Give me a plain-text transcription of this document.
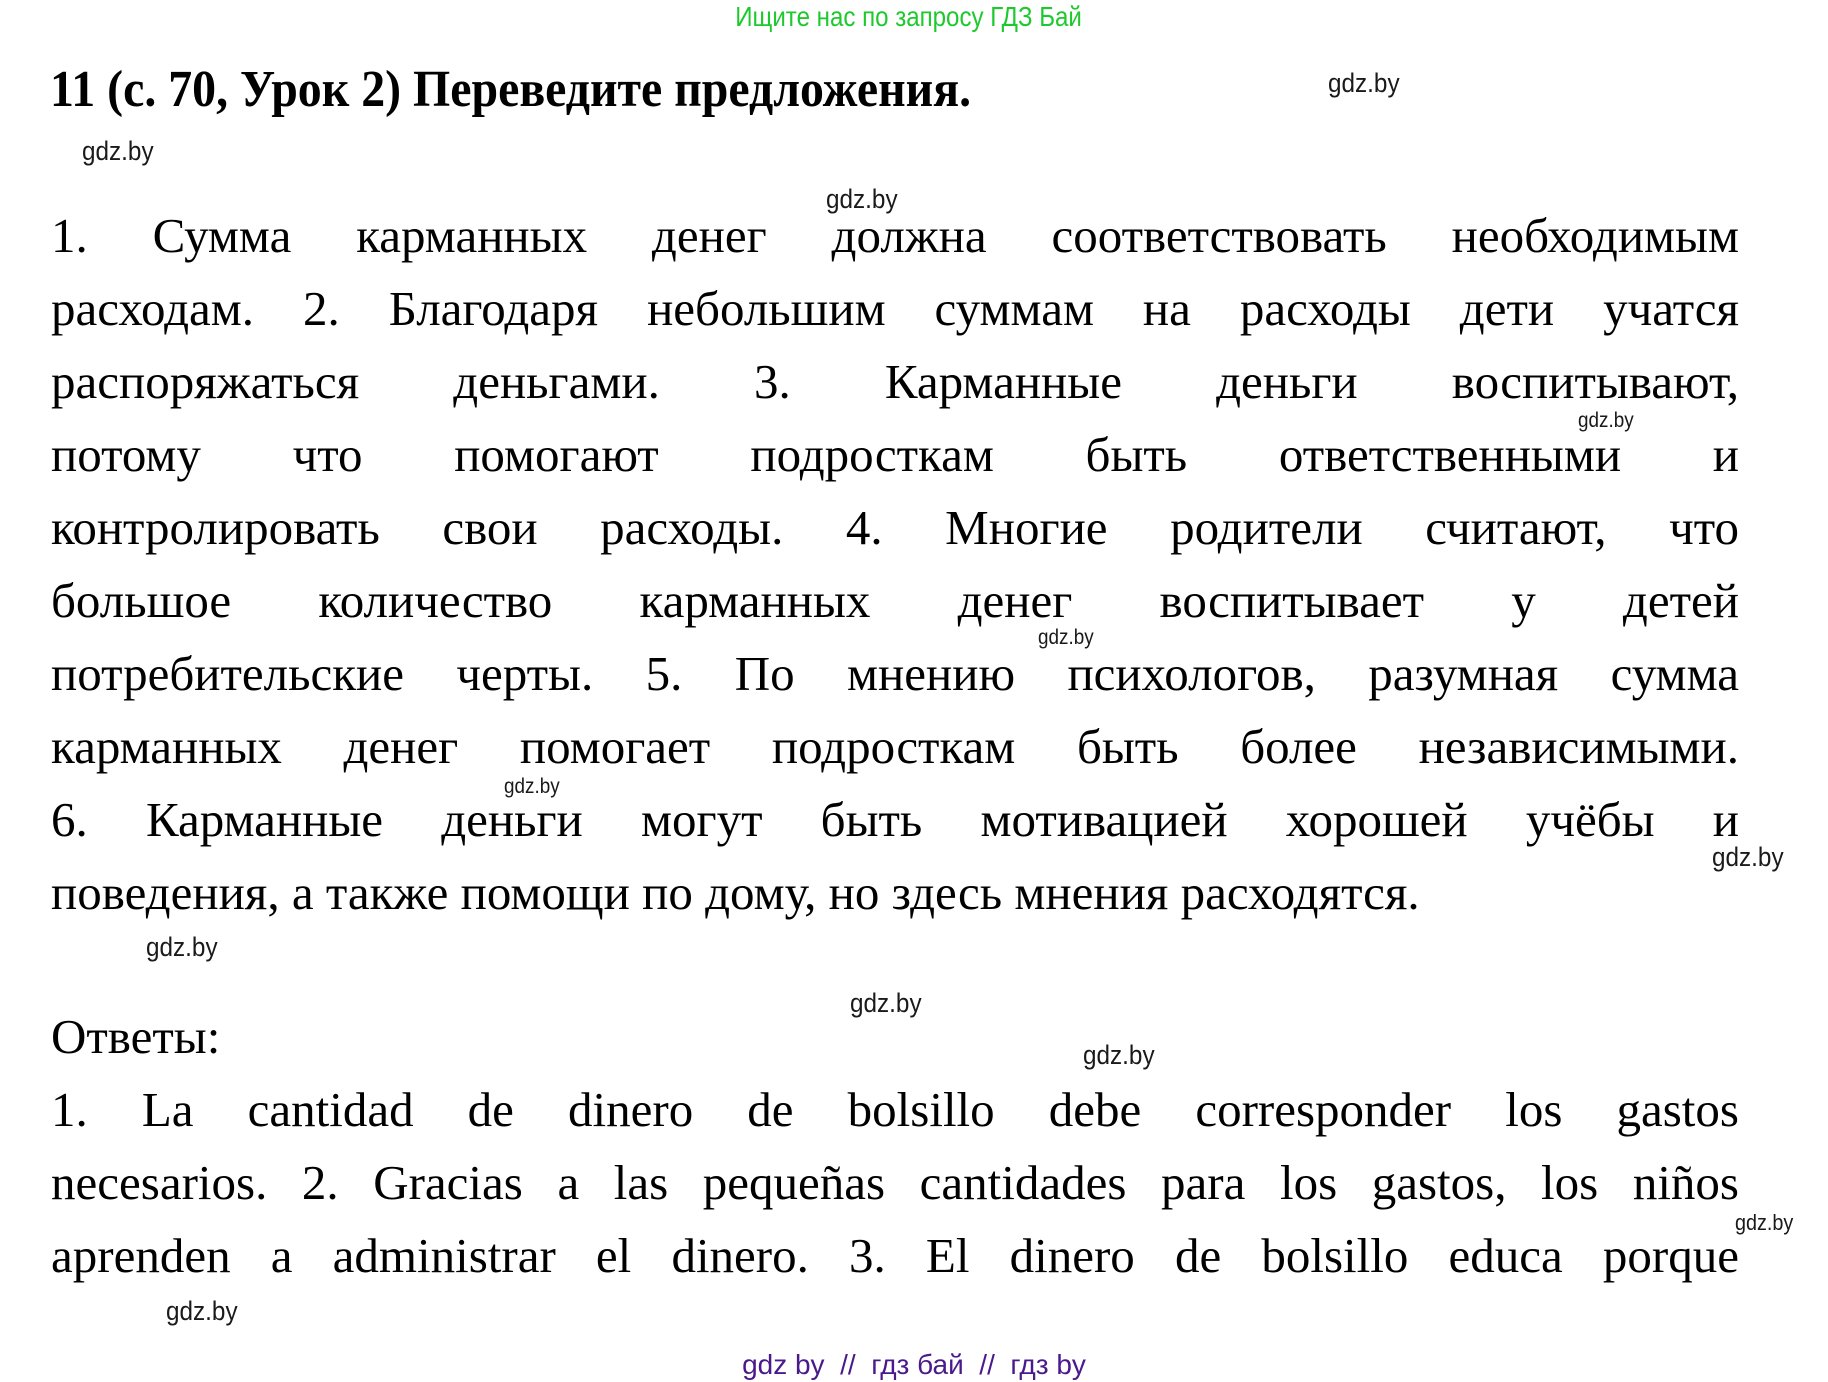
Ищите нас по запросу ГДЗ Бай
11 (с. 70, Урок 2) Переведите предложения.
1. Сумма карманных денег должна соответствовать необходимым
расходам. 2. Благодаря небольшим суммам на расходы дети учатся
распоряжаться деньгами. 3. Карманные деньги воспитывают,
потому что помогают подросткам быть ответственными и
контролировать свои расходы. 4. Многие родители считают, что
большое количество карманных денег воспитывает у детей
потребительские черты. 5. По мнению психологов, разумная сумма
карманных денег помогает подросткам быть более независимыми.
6. Карманные деньги могут быть мотивацией хорошей учёбы и
поведения, а также помощи по дому, но здесь мнения расходятся.
Ответы:
1. La cantidad de dinero de bolsillo debe corresponder los gastos
necesarios. 2. Gracias a las pequeñas cantidades para los gastos, los niños
aprenden a administrar el dinero. 3. El dinero de bolsillo educa porque
gdz.by
gdz.by
gdz.by
gdz.by
gdz.by
gdz.by
gdz.by
gdz.by
gdz.by
gdz.by
gdz.by
gdz.by
gdz by  //  гдз бай  //  гдз by
